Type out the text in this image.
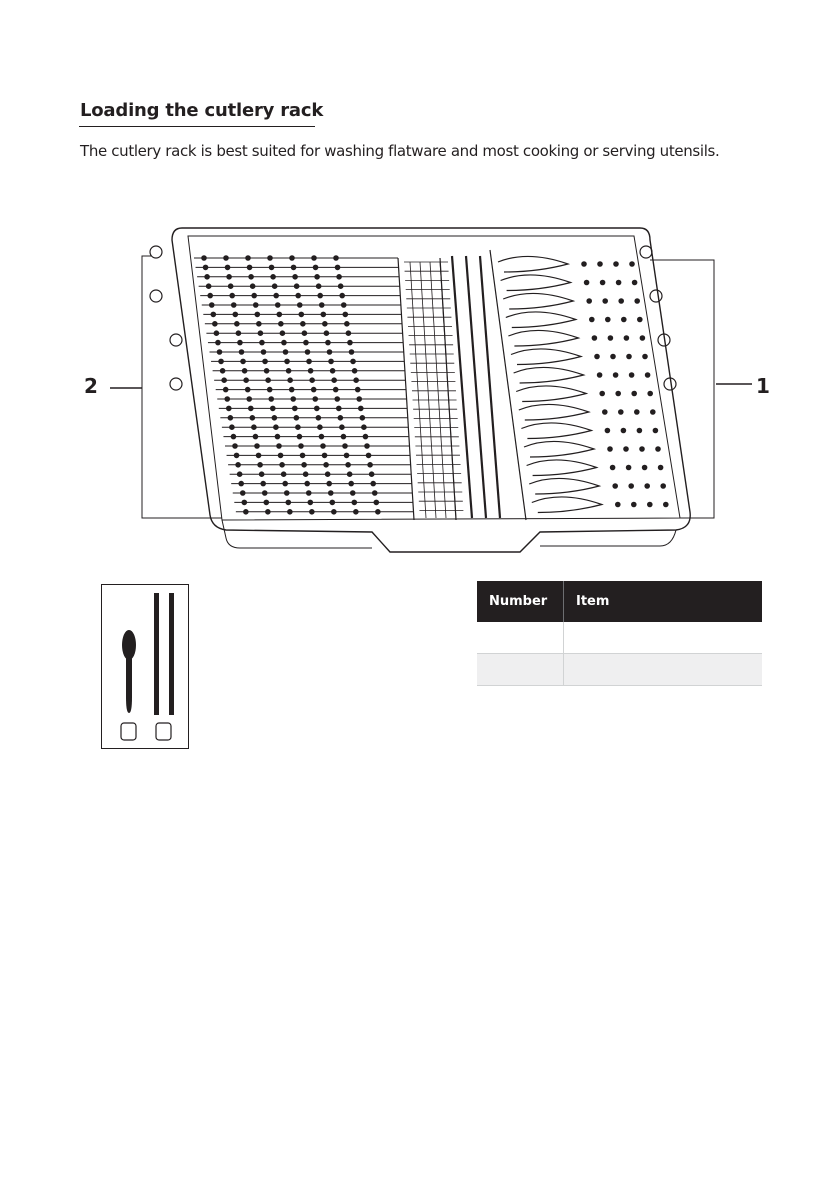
Loading the cutlery rack

The cutlery rack is best suited for washing flatware and most cooking or serving utensils.

2	1
Number	Item
